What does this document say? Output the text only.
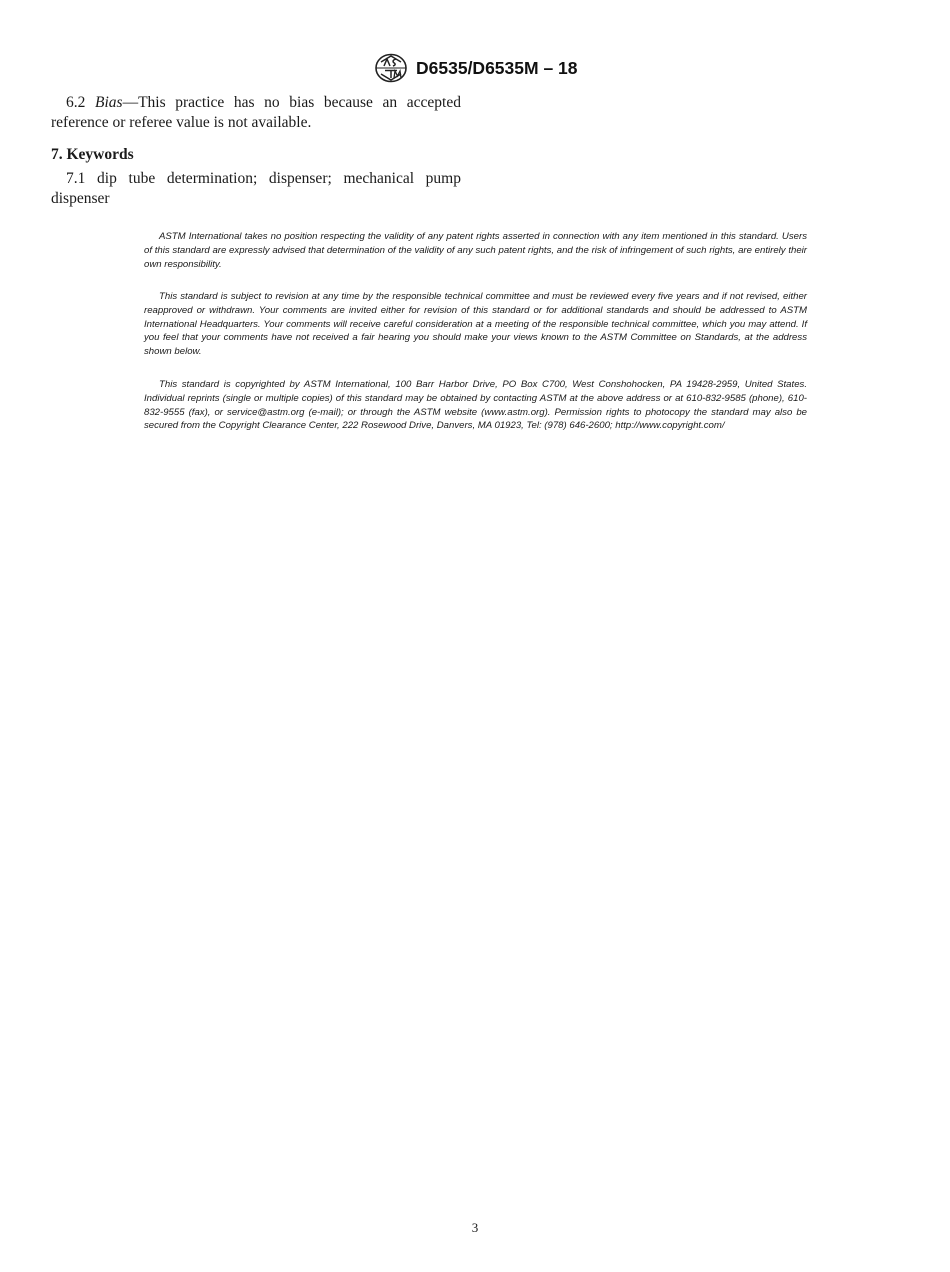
D6535/D6535M – 18

6.2 Bias—This practice has no bias because an accepted reference or referee value is not available.

7. Keywords

7.1 dip tube determination; dispenser; mechanical pump dispenser

ASTM International takes no position respecting the validity of any patent rights asserted in connection with any item mentioned in this standard. Users of this standard are expressly advised that determination of the validity of any such patent rights, and the risk of infringement of such rights, are entirely their own responsibility.

This standard is subject to revision at any time by the responsible technical committee and must be reviewed every five years and if not revised, either reapproved or withdrawn. Your comments are invited either for revision of this standard or for additional standards and should be addressed to ASTM International Headquarters. Your comments will receive careful consideration at a meeting of the responsible technical committee, which you may attend. If you feel that your comments have not received a fair hearing you should make your views known to the ASTM Committee on Standards, at the address shown below.

This standard is copyrighted by ASTM International, 100 Barr Harbor Drive, PO Box C700, West Conshohocken, PA 19428-2959, United States. Individual reprints (single or multiple copies) of this standard may be obtained by contacting ASTM at the above address or at 610-832-9585 (phone), 610-832-9555 (fax), or service@astm.org (e-mail); or through the ASTM website (www.astm.org). Permission rights to photocopy the standard may also be secured from the Copyright Clearance Center, 222 Rosewood Drive, Danvers, MA 01923, Tel: (978) 646-2600; http://www.copyright.com/

3
